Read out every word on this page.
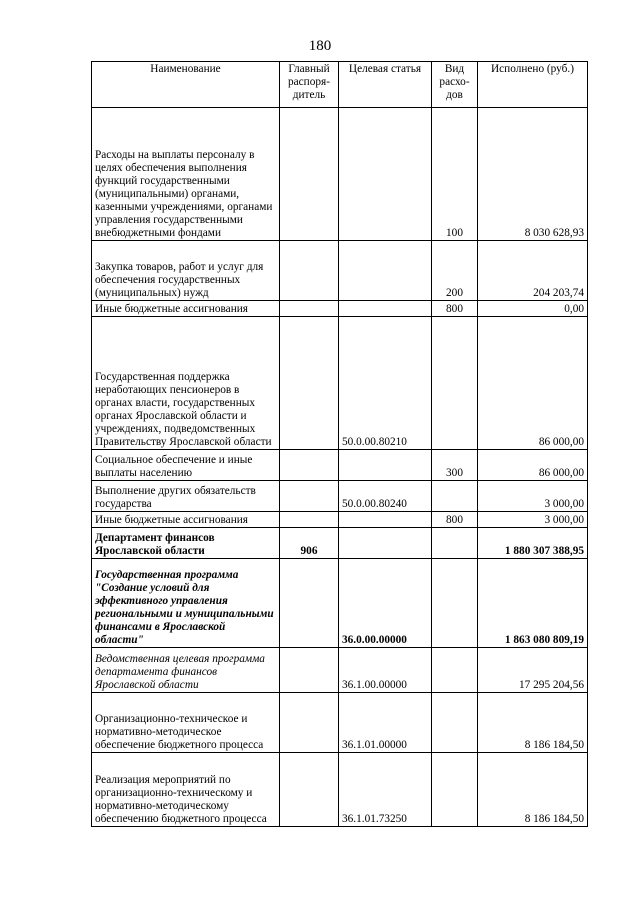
180
Наименование	Главный распоря-дитель	Целевая статья	Вид расхо-дов	Исполнено (руб.)
Расходы на выплаты персоналу в целях обеспечения выполнения функций государственными (муниципальными) органами, казенными учреждениями, органами управления государственными внебюджетными фондами			100	8 030 628,93
Закупка товаров, работ и услуг для обеспечения государственных (муниципальных) нужд			200	204 203,74
Иные бюджетные ассигнования			800	0,00
Государственная поддержка неработающих пенсионеров в органах власти, государственных органах Ярославской области и учреждениях, подведомственных Правительству Ярославской области		50.0.00.80210		86 000,00
Социальное обеспечение и иные выплаты населению			300	86 000,00
Выполнение других обязательств государства		50.0.00.80240		3 000,00
Иные бюджетные ассигнования			800	3 000,00
Департамент финансов Ярославской области	906			1 880 307 388,95
Государственная программа "Создание условий для эффективного управления региональными и муниципальными финансами в Ярославской области"		36.0.00.00000		1 863 080 809,19
Ведомственная целевая программа департамента финансов Ярославской области		36.1.00.00000		17 295 204,56
Организационно-техническое и нормативно-методическое обеспечение бюджетного процесса		36.1.01.00000		8 186 184,50
Реализация мероприятий по организационно-техническому и нормативно-методическому обеспечению бюджетного процесса		36.1.01.73250		8 186 184,50
